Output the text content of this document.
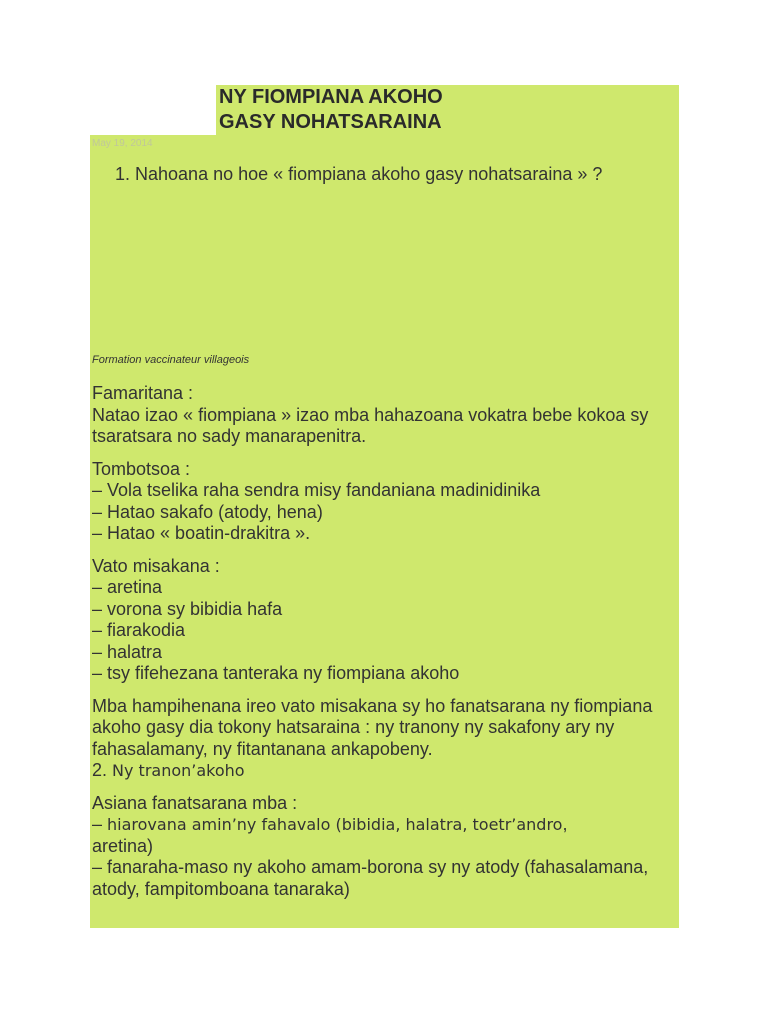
NY FIOMPIANA AKOHO
GASY NOHATSARAINA
May 19, 2014
1. Nahoana no hoe « fiompiana akoho gasy nohatsaraina » ?
Formation vaccinateur villageois

Famaritana :
Natao izao « fiompiana » izao mba hahazoana vokatra bebe kokoa sy tsaratsara no sady manarapenitra.

Tombotsoa :
– Vola tselika raha sendra misy fandaniana madinidinika
– Hatao sakafo (atody, hena)
– Hatao « boatin-drakitra ».

Vato misakana :
– aretina
– vorona sy bibidia hafa
– fiarakodia
– halatra
– tsy fifehezana tanteraka ny fiompiana akoho

Mba hampihenana ireo vato misakana sy ho fanatsarana ny fiompiana akoho gasy dia tokony hatsaraina : ny tranony ny sakafony ary ny fahasalamany, ny fitantanana ankapobeny.
2. Ny tranon’akoho

Asiana fanatsarana mba :
– hiarovana amin’ny fahavalo (bibidia, halatra, toetr’andro,
aretina)
– fanaraha-maso ny akoho amam-borona sy ny atody (fahasalamana, atody, fampitomboana tanaraka)
